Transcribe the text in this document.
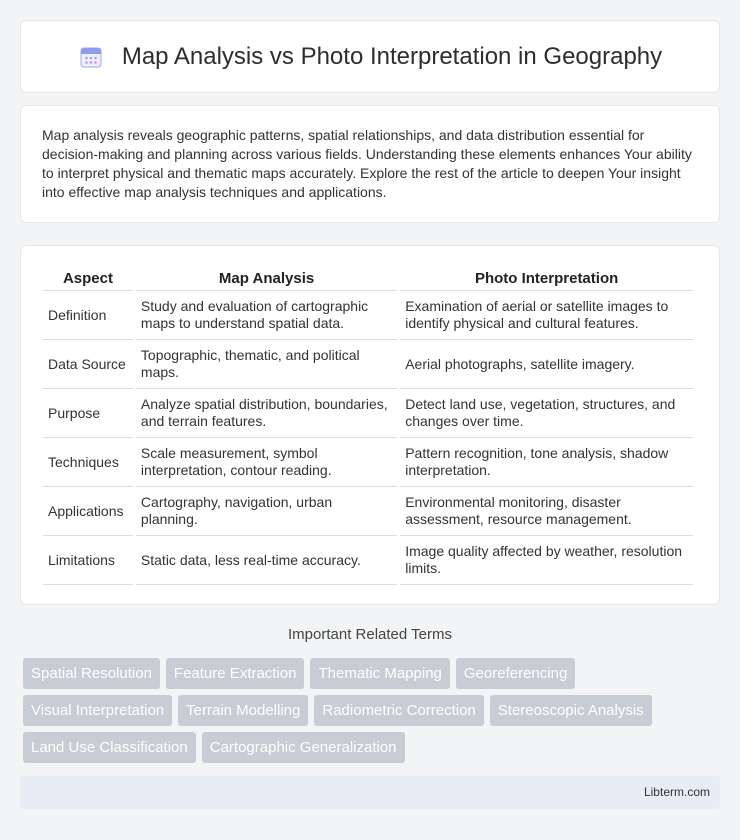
Map Analysis vs Photo Interpretation in Geography

Map analysis reveals geographic patterns, spatial relationships, and data distribution essential for decision-making and planning across various fields. Understanding these elements enhances Your ability to interpret physical and thematic maps accurately. Explore the rest of the article to deepen Your insight into effective map analysis techniques and applications.

Aspect	Map Analysis	Photo Interpretation
Definition	Study and evaluation of cartographic maps to understand spatial data.	Examination of aerial or satellite images to identify physical and cultural features.
Data Source	Topographic, thematic, and political maps.	Aerial photographs, satellite imagery.
Purpose	Analyze spatial distribution, boundaries, and terrain features.	Detect land use, vegetation, structures, and changes over time.
Techniques	Scale measurement, symbol interpretation, contour reading.	Pattern recognition, tone analysis, shadow interpretation.
Applications	Cartography, navigation, urban planning.	Environmental monitoring, disaster assessment, resource management.
Limitations	Static data, less real-time accuracy.	Image quality affected by weather, resolution limits.
Important Related Terms
Spatial Resolution	Feature Extraction	Thematic Mapping	Georeferencing
Visual Interpretation	Terrain Modelling	Radiometric Correction	Stereoscopic Analysis
Land Use Classification	Cartographic Generalization
Libterm.com
